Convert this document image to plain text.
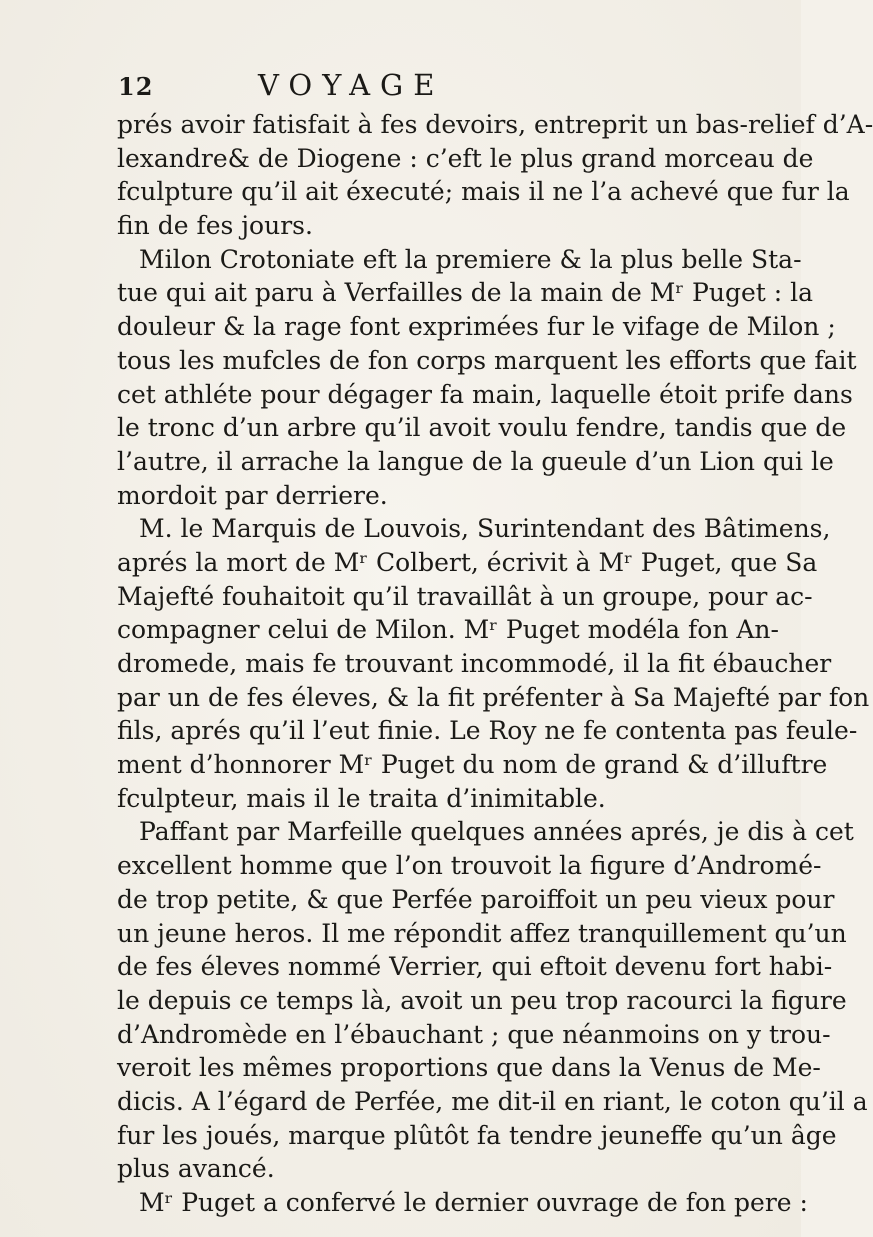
12	VOYAGE
prés avoir fatisfait à fes devoirs, entreprit un bas-relief d’A-
lexandre& de Diogene : c’eft le plus grand morceau de
fculpture qu’il ait éxecuté; mais il ne l’a achevé que fur la
fin de fes jours.
Milon Crotoniate eft la premiere & la plus belle Sta-
tue qui ait paru à Verfailles de la main de Mʳ Puget : la
douleur & la rage font exprimées fur le vifage de Milon ;
tous les mufcles de fon corps marquent les efforts que fait
cet athléte pour dégager fa main, laquelle étoit prife dans
le tronc d’un arbre qu’il avoit voulu fendre, tandis que de
l’autre, il arrache la langue de la gueule d’un Lion qui le
mordoit par derriere.
M. le Marquis de Louvois, Surintendant des Bâtimens,
aprés la mort de Mʳ Colbert, écrivit à Mʳ Puget, que Sa
Majefté fouhaitoit qu’il travaillât à un groupe, pour ac-
compagner celui de Milon. Mʳ Puget modéla fon An-
dromede, mais fe trouvant incommodé, il la fit ébaucher
par un de fes éleves, & la fit préfenter à Sa Majefté par fon
fils, aprés qu’il l’eut finie. Le Roy ne fe contenta pas feule-
ment d’honnorer Mʳ Puget du nom de grand & d’illuftre
fculpteur, mais il le traita d’inimitable.
Paffant par Marfeille quelques années aprés, je dis à cet
excellent homme que l’on trouvoit la figure d’Andromé-
de trop petite, & que Perfée paroiffoit un peu vieux pour
un jeune heros. Il me répondit affez tranquillement qu’un
de fes éleves nommé Verrier, qui eftoit devenu fort habi-
le depuis ce temps là, avoit un peu trop racourci la figure
d’Andromède en l’ébauchant ; que néanmoins on y trou-
veroit les mêmes proportions que dans la Venus de Me-
dicis. A l’égard de Perfée, me dit-il en riant, le coton qu’il a
fur les joués, marque plûtôt fa tendre jeuneffe qu’un âge
plus avancé.
Mʳ Puget a confervé le dernier ouvrage de fon pere :
